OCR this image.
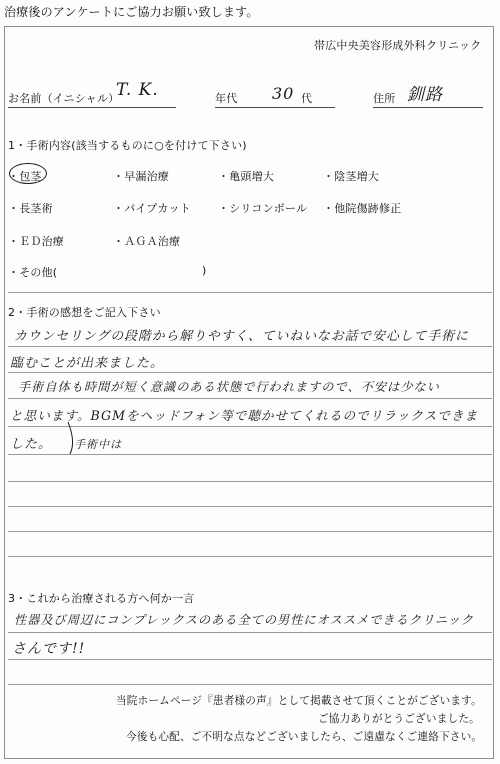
治療後のアンケートにご協力お願い致します。
帯広中央美容形成外科クリニック
お名前（イニシャル）
T. K.	年代 30 代	住所 釧路
1・手術内容(該当するものに○を付けて下さい)
・包茎	・早漏治療	・亀頭増大	・陰茎増大
・長茎術	・パイプカット ・シリコンボール ・他院傷跡修正
・ＥＤ治療	・ＡＧＡ治療
・その他(	)
2・手術の感想をご記入下さい
カウンセリングの段階から解りやすく、ていねいなお話で安心して手術に
臨むことが出来ました。
手術自体も時間が短く意識のある状態で行われますので、不安は少ない
と思います。BGMをヘッドフォン等で聴かせてくれるのでリラックスできま
した。 手術中は
3・これから治療される方へ何か一言
性器及び周辺にコンプレックスのある全ての男性にオススメできるクリニック
さんです!!
当院ホームページ『患者様の声』として掲載させて頂くことがございます。
ご協力ありがとうございました。
今後も心配、ご不明な点などございましたら、ご遠慮なくご連絡下さい。
